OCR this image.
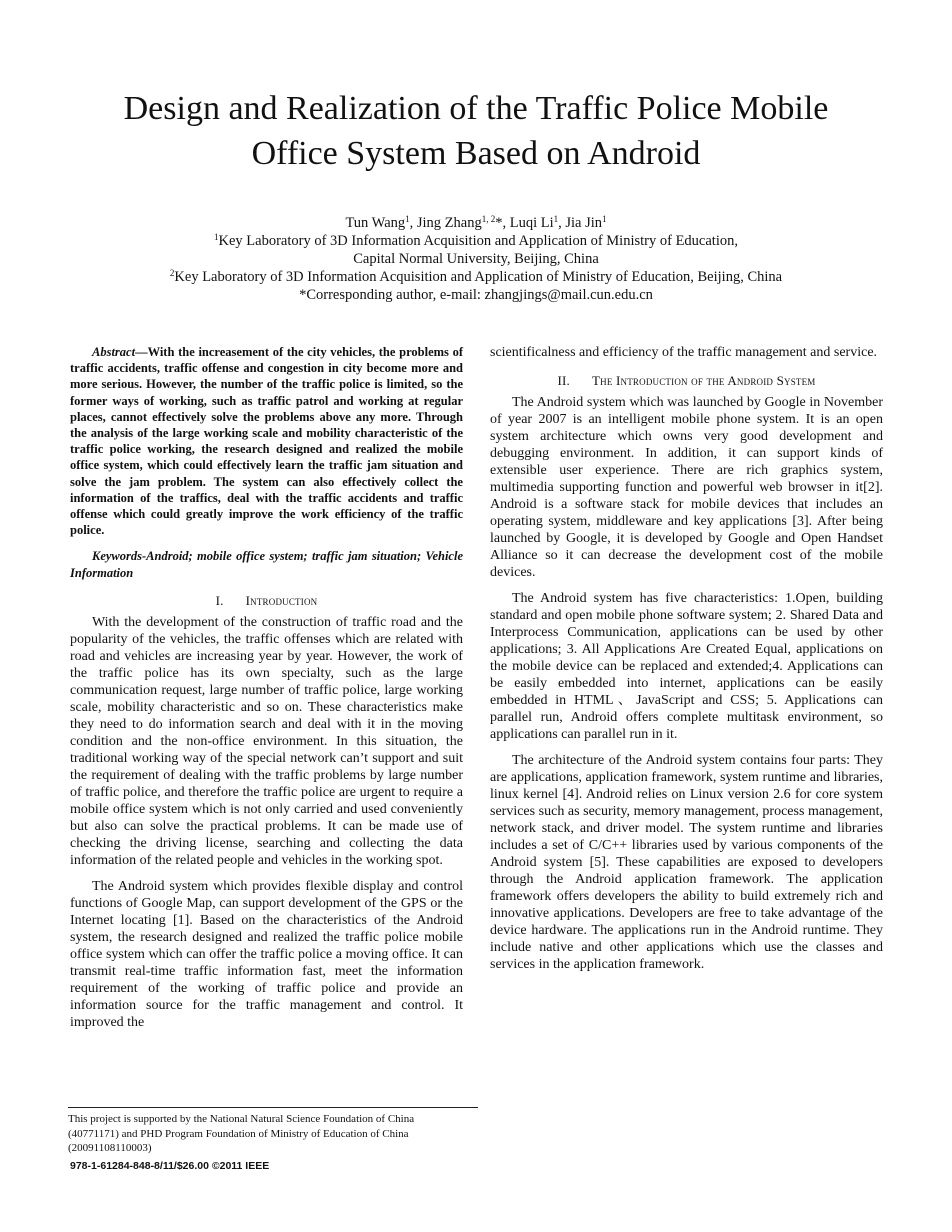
Design and Realization of the Traffic Police Mobile
Office System Based on Android
Tun Wang$^1$, Jing Zhang$^{1, 2}$*, Luqi Li$^1$, Jia Jin$^1$
$^1$Key Laboratory of 3D Information Acquisition and Application of Ministry of Education,
Capital Normal University, Beijing, China
$^2$Key Laboratory of 3D Information Acquisition and Application of Ministry of Education, Beijing, China
*Corresponding author, e-mail: zhangjings@mail.cun.edu.cn

Abstract—With the increasement of the city vehicles, the problems of traffic accidents, traffic offense and congestion in city become more and more serious. However, the number of the traffic police is limited, so the former ways of working, such as traffic patrol and working at regular places, cannot effectively solve the problems above any more. Through the analysis of the large working scale and mobility characteristic of the traffic police working, the research designed and realized the mobile office system, which could effectively learn the traffic jam situation and solve the jam problem. The system can also effectively collect the information of the traffics, deal with the traffic accidents and traffic offense which could greatly improve the work efficiency of the traffic police.

Keywords-Android; mobile office system; traffic jam situation; Vehicle Information

I. Introduction

With the development of the construction of traffic road and the popularity of the vehicles, the traffic offenses which are related with road and vehicles are increasing year by year. However, the work of the traffic police has its own specialty, such as the large communication request, large number of traffic police, large working scale, mobility characteristic and so on. These characteristics make they need to do information search and deal with it in the moving condition and the non-office environment. In this situation, the traditional working way of the special network can’t support and suit the requirement of dealing with the traffic problems by large number of traffic police, and therefore the traffic police are urgent to require a mobile office system which is not only carried and used conveniently but also can solve the practical problems. It can be made use of checking the driving license, searching and collecting the data information of the related people and vehicles in the working spot.

The Android system which provides flexible display and control functions of Google Map, can support development of the GPS or the Internet locating [1]. Based on the characteristics of the Android system, the research designed and realized the traffic police mobile office system which can offer the traffic police a moving office. It can transmit real-time traffic information fast, meet the information requirement of the working of traffic police and provide an information source for the traffic management and control. It improved the

scientificalness and efficiency of the traffic management and service.

II. The Introduction of the Android System

The Android system which was launched by Google in November of year 2007 is an intelligent mobile phone system. It is an open system architecture which owns very good development and debugging environment. In addition, it can support kinds of extensible user experience. There are rich graphics system, multimedia supporting function and powerful web browser in it[2]. Android is a software stack for mobile devices that includes an operating system, middleware and key applications [3]. After being launched by Google, it is developed by Google and Open Handset Alliance so it can decrease the development cost of the mobile devices.

The Android system has five characteristics: 1.Open, building standard and open mobile phone software system; 2. Shared Data and Interprocess Communication, applications can be used by other applications; 3. All Applications Are Created Equal, applications on the mobile device can be replaced and extended;4. Applications can be easily embedded into internet, applications can be easily embedded in HTML、JavaScript and CSS; 5. Applications can parallel run, Android offers complete multitask environment, so applications can parallel run in it.

The architecture of the Android system contains four parts: They are applications, application framework, system runtime and libraries, linux kernel [4]. Android relies on Linux version 2.6 for core system services such as security, memory management, process management, network stack, and driver model. The system runtime and libraries includes a set of C/C++ libraries used by various components of the Android system [5]. These capabilities are exposed to developers through the Android application framework. The application framework offers developers the ability to build extremely rich and innovative applications. Developers are free to take advantage of the device hardware. The applications run in the Android runtime. They include native and other applications which use the classes and services in the application framework.

This project is supported by the National Natural Science Foundation of China
(40771171) and PHD Program Foundation of Ministry of Education of China
(20091108110003)
978-1-61284-848-8/11/$26.00 ©2011 IEEE
